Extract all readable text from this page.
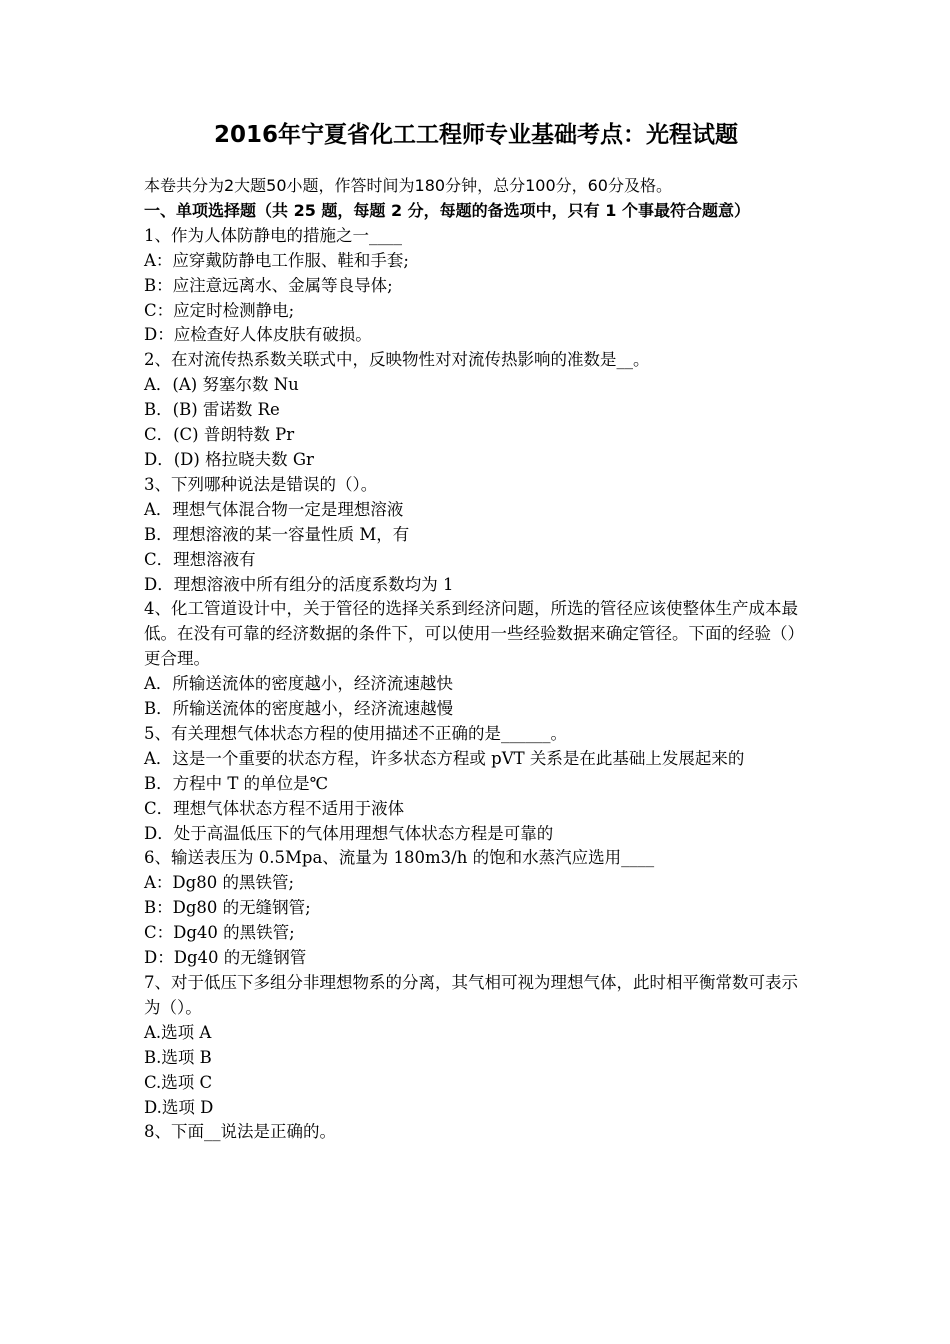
2016年宁夏省化工工程师专业基础考点：光程试题
本卷共分为2大题50小题，作答时间为180分钟，总分100分，60分及格。
一、单项选择题（共 25 题，每题 2 分，每题的备选项中，只有 1 个事最符合题意）
1、作为人体防静电的措施之一____
A：应穿戴防静电工作服、鞋和手套;
B：应注意远离水、金属等良导体;
C：应定时检测静电;
D：应检查好人体皮肤有破损。
2、在对流传热系数关联式中，反映物性对对流传热影响的准数是__。
A．(A) 努塞尔数 Nu
B．(B) 雷诺数 Re
C．(C) 普朗特数 Pr
D．(D) 格拉晓夫数 Gr
3、下列哪种说法是错误的（）。
A．理想气体混合物一定是理想溶液
B．理想溶液的某一容量性质 M，有
C．理想溶液有
D．理想溶液中所有组分的活度系数均为 1
4、化工管道设计中，关于管径的选择关系到经济问题，所选的管径应该使整体生产成本最低。在没有可靠的经济数据的条件下，可以使用一些经验数据来确定管径。下面的经验（）更合理。
A．所输送流体的密度越小，经济流速越快
B．所输送流体的密度越小，经济流速越慢
5、有关理想气体状态方程的使用描述不正确的是______。
A．这是一个重要的状态方程，许多状态方程或 pVT 关系是在此基础上发展起来的
B．方程中 T 的单位是℃
C．理想气体状态方程不适用于液体
D．处于高温低压下的气体用理想气体状态方程是可靠的
6、输送表压为 0.5Mpa、流量为 180m3/h 的饱和水蒸汽应选用____
A：Dg80 的黑铁管;
B：Dg80 的无缝钢管;
C：Dg40 的黑铁管;
D：Dg40 的无缝钢管
7、对于低压下多组分非理想物系的分离，其气相可视为理想气体，此时相平衡常数可表示为（）。
A.选项 A
B.选项 B
C.选项 C
D.选项 D
8、下面__说法是正确的。
